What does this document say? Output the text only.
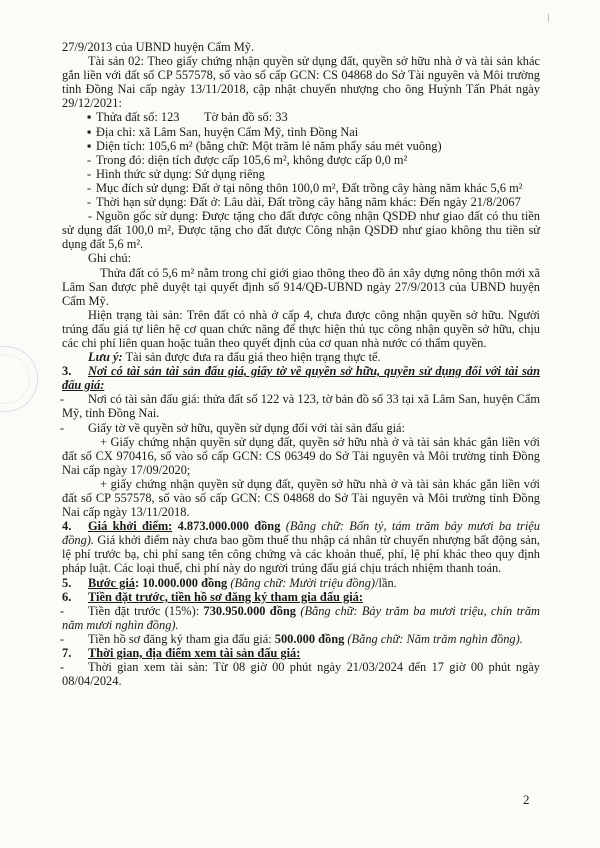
27/9/2013 của UBND huyện Cẩm Mỹ.

Tài sản 02: Theo giấy chứng nhận quyền sử dụng đất, quyền sở hữu nhà ở và tài sản khác gắn liền với đất số CP 557578, số vào sổ cấp GCN: CS 04868 do Sở Tài nguyên và Môi trường tỉnh Đồng Nai cấp ngày 13/11/2018, cập nhật chuyển nhượng cho ông Huỳnh Tấn Phát ngày 29/12/2021:

▪ Thửa đất số: 123        Tờ bản đồ số: 33

▪ Địa chỉ: xã Lâm San, huyện Cẩm Mỹ, tỉnh Đồng Nai

▪ Diện tích: 105,6 m² (bằng chữ: Một trăm lẻ năm phẩy sáu mét vuông)

- Trong đó: diện tích được cấp 105,6 m², không được cấp 0,0 m²

- Hình thức sử dụng: Sử dụng riêng

- Mục đích sử dụng: Đất ở tại nông thôn 100,0 m², Đất trồng cây hàng năm khác 5,6 m²

- Thời hạn sử dụng: Đất ở: Lâu dài, Đất trồng cây hằng năm khác: Đến ngày 21/8/2067

- Nguồn gốc sử dụng: Được tặng cho đất được công nhận QSDĐ như giao đất có thu tiền sử dụng đất 100,0 m², Được tặng cho đất được Công nhận QSDĐ như giao không thu tiền sử dụng đất 5,6 m².

Ghi chú:

Thửa đất có 5,6 m² nằm trong chỉ giới giao thông theo đồ án xây dựng nông thôn mới xã Lâm San được phê duyệt tại quyết định số 914/QĐ-UBND ngày 27/9/2013 của UBND huyện Cẩm Mỹ.

Hiện trạng tài sản: Trên đất có nhà ở cấp 4, chưa được công nhận quyền sở hữu. Người trúng đấu giá tự liên hệ cơ quan chức năng để thực hiện thủ tục công nhận quyền sở hữu, chịu các chi phí liên quan hoặc tuân theo quyết định của cơ quan nhà nước có thẩm quyền.

Lưu ý: Tài sản được đưa ra đấu giá theo hiện trạng thực tế.

3. Nơi có tài sản tài sản đấu giá, giấy tờ về quyền sở hữu, quyền sử dụng đối với tài sản đấu giá:

-	Nơi có tài sản đấu giá: thửa đất số 122 và 123, tờ bản đồ số 33 tại xã Lâm San, huyện Cẩm Mỹ, tỉnh Đồng Nai.

-	Giấy tờ về quyền sở hữu, quyền sử dụng đối với tài sản đấu giá:

+ Giấy chứng nhận quyền sử dụng đất, quyền sở hữu nhà ở và tài sản khác gắn liền với đất số CX 970416, số vào sổ cấp GCN: CS 06349 do Sở Tài nguyên và Môi trường tỉnh Đồng Nai cấp ngày 17/09/2020;

+ giấy chứng nhận quyền sử dụng đất, quyền sở hữu nhà ở và tài sản khác gắn liền với đất số CP 557578, số vào sổ cấp GCN: CS 04868 do Sở Tài nguyên và Môi trường tỉnh Đồng Nai cấp ngày 13/11/2018.

4. Giá khởi điểm: 4.873.000.000 đồng (Bằng chữ: Bốn tỷ, tám trăm bảy mươi ba triệu đồng). Giá khởi điểm này chưa bao gồm thuế thu nhập cá nhân từ chuyển nhượng bất động sản, lệ phí trước bạ, chi phí sang tên công chứng và các khoản thuế, phí, lệ phí khác theo quy định pháp luật. Các loại thuế, chi phí này do người trúng đấu giá chịu trách nhiệm thanh toán.

5. Bước giá: 10.000.000 đồng (Bằng chữ: Mười triệu đồng)/lần.

6. Tiền đặt trước, tiền hồ sơ đăng ký tham gia đấu giá:

-	Tiền đặt trước (15%): 730.950.000 đồng (Bằng chữ: Bảy trăm ba mươi triệu, chín trăm năm mươi nghìn đồng).

-	Tiền hồ sơ đăng ký tham gia đấu giá: 500.000 đồng (Bằng chữ: Năm trăm nghìn đồng).

7. Thời gian, địa điểm xem tài sản đấu giá:

-	Thời gian xem tài sản: Từ 08 giờ 00 phút ngày 21/03/2024 đến 17 giờ 00 phút ngày 08/04/2024.

2
